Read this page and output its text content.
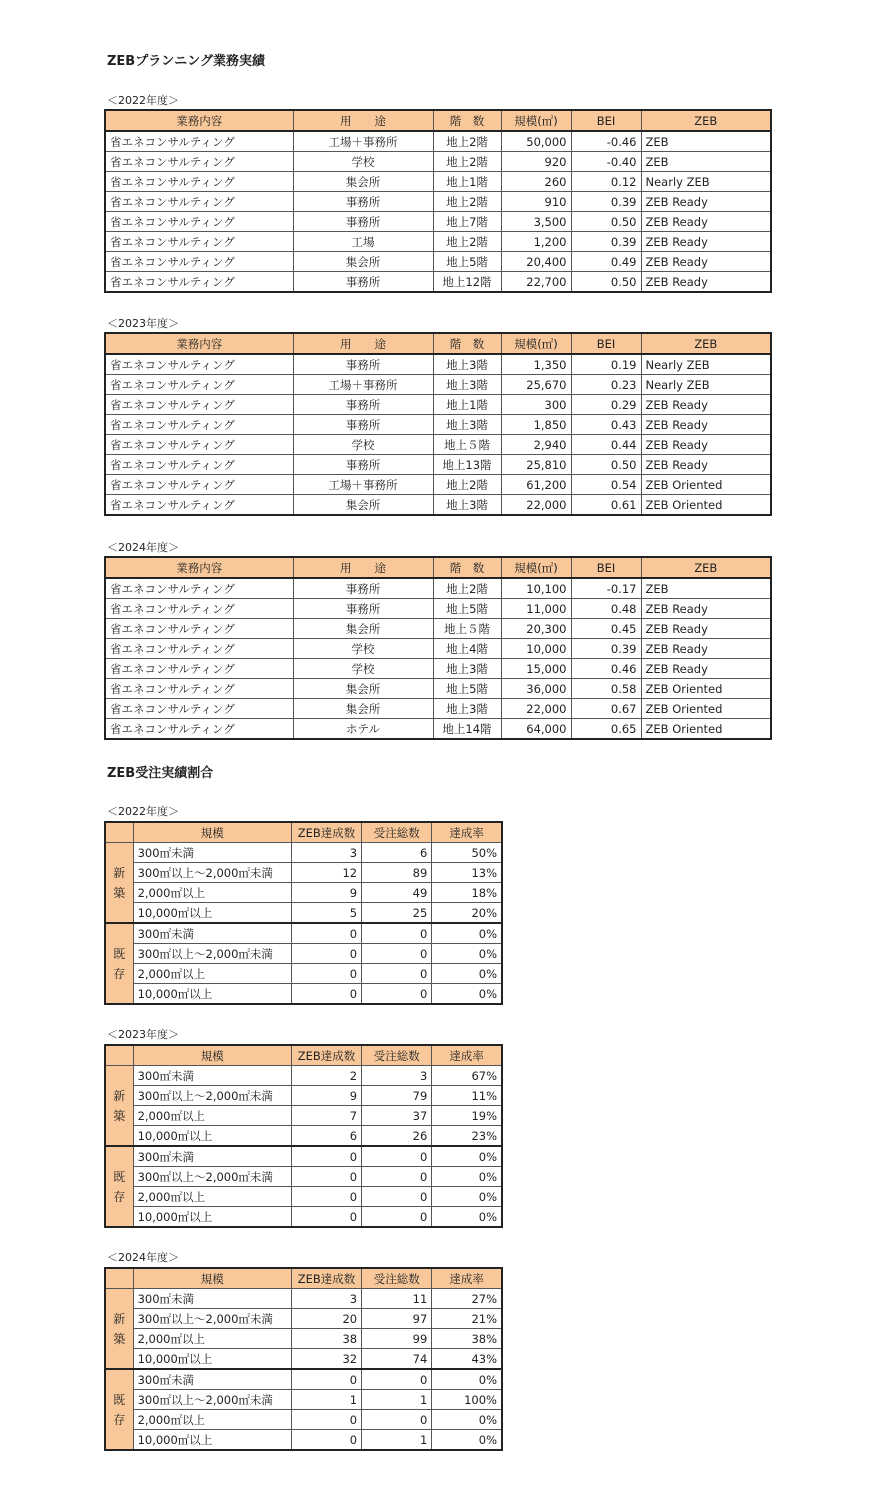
ZEBプランニング業務実績
＜2022年度＞
業務内容	用　　途	階　数	規模(㎡)	BEI	ZEB
省エネコンサルティング	工場＋事務所	地上2階	50,000	-0.46	ZEB
省エネコンサルティング	学校	地上2階	920	-0.40	ZEB
省エネコンサルティング	集会所	地上1階	260	0.12	Nearly ZEB
省エネコンサルティング	事務所	地上2階	910	0.39	ZEB Ready
省エネコンサルティング	事務所	地上7階	3,500	0.50	ZEB Ready
省エネコンサルティング	工場	地上2階	1,200	0.39	ZEB Ready
省エネコンサルティング	集会所	地上5階	20,400	0.49	ZEB Ready
省エネコンサルティング	事務所	地上12階	22,700	0.50	ZEB Ready
＜2023年度＞
業務内容	用　　途	階　数	規模(㎡)	BEI	ZEB
省エネコンサルティング	事務所	地上3階	1,350	0.19	Nearly ZEB
省エネコンサルティング	工場＋事務所	地上3階	25,670	0.23	Nearly ZEB
省エネコンサルティング	事務所	地上1階	300	0.29	ZEB Ready
省エネコンサルティング	事務所	地上3階	1,850	0.43	ZEB Ready
省エネコンサルティング	学校	地上５階	2,940	0.44	ZEB Ready
省エネコンサルティング	事務所	地上13階	25,810	0.50	ZEB Ready
省エネコンサルティング	工場＋事務所	地上2階	61,200	0.54	ZEB Oriented
省エネコンサルティング	集会所	地上3階	22,000	0.61	ZEB Oriented
＜2024年度＞
業務内容	用　　途	階　数	規模(㎡)	BEI	ZEB
省エネコンサルティング	事務所	地上2階	10,100	-0.17	ZEB
省エネコンサルティング	事務所	地上5階	11,000	0.48	ZEB Ready
省エネコンサルティング	集会所	地上５階	20,300	0.45	ZEB Ready
省エネコンサルティング	学校	地上4階	10,000	0.39	ZEB Ready
省エネコンサルティング	学校	地上3階	15,000	0.46	ZEB Ready
省エネコンサルティング	集会所	地上5階	36,000	0.58	ZEB Oriented
省エネコンサルティング	集会所	地上3階	22,000	0.67	ZEB Oriented
省エネコンサルティング	ホテル	地上14階	64,000	0.65	ZEB Oriented
ZEB受注実績割合
＜2022年度＞
	規模	ZEB達成数	受注総数	達成率

新
築	300㎡未満	3	6	50%
	300㎡以上～2,000㎡未満	12	89	13%
	2,000㎡以上	9	49	18%
	10,000㎡以上	5	25	20%

既
存	300㎡未満	0	0	0%
	300㎡以上～2,000㎡未満	0	0	0%
	2,000㎡以上	0	0	0%
	10,000㎡以上	0	0	0%
＜2023年度＞
	規模	ZEB達成数	受注総数	達成率

新
築	300㎡未満	2	3	67%
	300㎡以上～2,000㎡未満	9	79	11%
	2,000㎡以上	7	37	19%
	10,000㎡以上	6	26	23%

既
存	300㎡未満	0	0	0%
	300㎡以上～2,000㎡未満	0	0	0%
	2,000㎡以上	0	0	0%
	10,000㎡以上	0	0	0%
＜2024年度＞
	規模	ZEB達成数	受注総数	達成率

新
築	300㎡未満	3	11	27%
	300㎡以上～2,000㎡未満	20	97	21%
	2,000㎡以上	38	99	38%
	10,000㎡以上	32	74	43%

既
存	300㎡未満	0	0	0%
	300㎡以上～2,000㎡未満	1	1	100%
	2,000㎡以上	0	0	0%
	10,000㎡以上	0	1	0%
